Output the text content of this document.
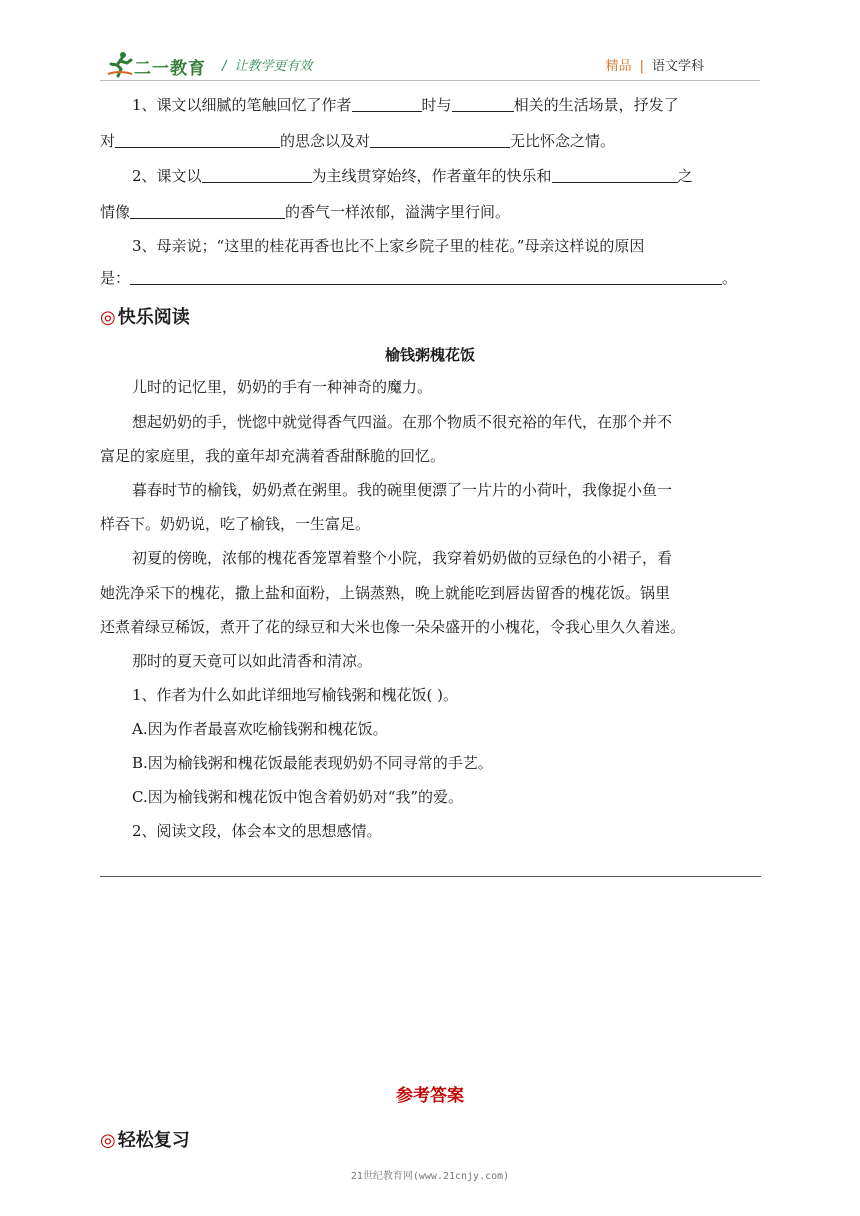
二一教育 / 让教学更有效	精品 | 语文学科
1、课文以细腻的笔触回忆了作者	时与	相关的生活场景，抒发了
对	的思念以及对	无比怀念之情。
2、课文以	为主线贯穿始终，作者童年的快乐和	之
情像	的香气一样浓郁，溢满字里行间。
3、母亲说；“这里的桂花再香也比不上家乡院子里的桂花。”母亲这样说的原因
是：	。
◎ 快乐阅读
榆钱粥槐花饭
儿时的记忆里，奶奶的手有一种神奇的魔力。
想起奶奶的手，恍惚中就觉得香气四溢。在那个物质不很充裕的年代，在那个并不
富足的家庭里，我的童年却充满着香甜酥脆的回忆。
暮春时节的榆钱，奶奶煮在粥里。我的碗里便漂了一片片的小荷叶，我像捉小鱼一
样吞下。奶奶说，吃了榆钱，一生富足。
初夏的傍晚，浓郁的槐花香笼罩着整个小院，我穿着奶奶做的豆绿色的小裙子，看
她洗净采下的槐花，撒上盐和面粉，上锅蒸熟，晚上就能吃到唇齿留香的槐花饭。锅里
还煮着绿豆稀饭，煮开了花的绿豆和大米也像一朵朵盛开的小槐花，令我心里久久着迷。
那时的夏天竟可以如此清香和清凉。
1、作者为什么如此详细地写榆钱粥和槐花饭( )。
A.因为作者最喜欢吃榆钱粥和槐花饭。
B.因为榆钱粥和槐花饭最能表现奶奶不同寻常的手艺。
C.因为榆钱粥和槐花饭中饱含着奶奶对“我”的爱。
2、阅读文段，体会本文的思想感情。
参考答案
◎ 轻松复习
21世纪教育网(www.21cnjy.com)
